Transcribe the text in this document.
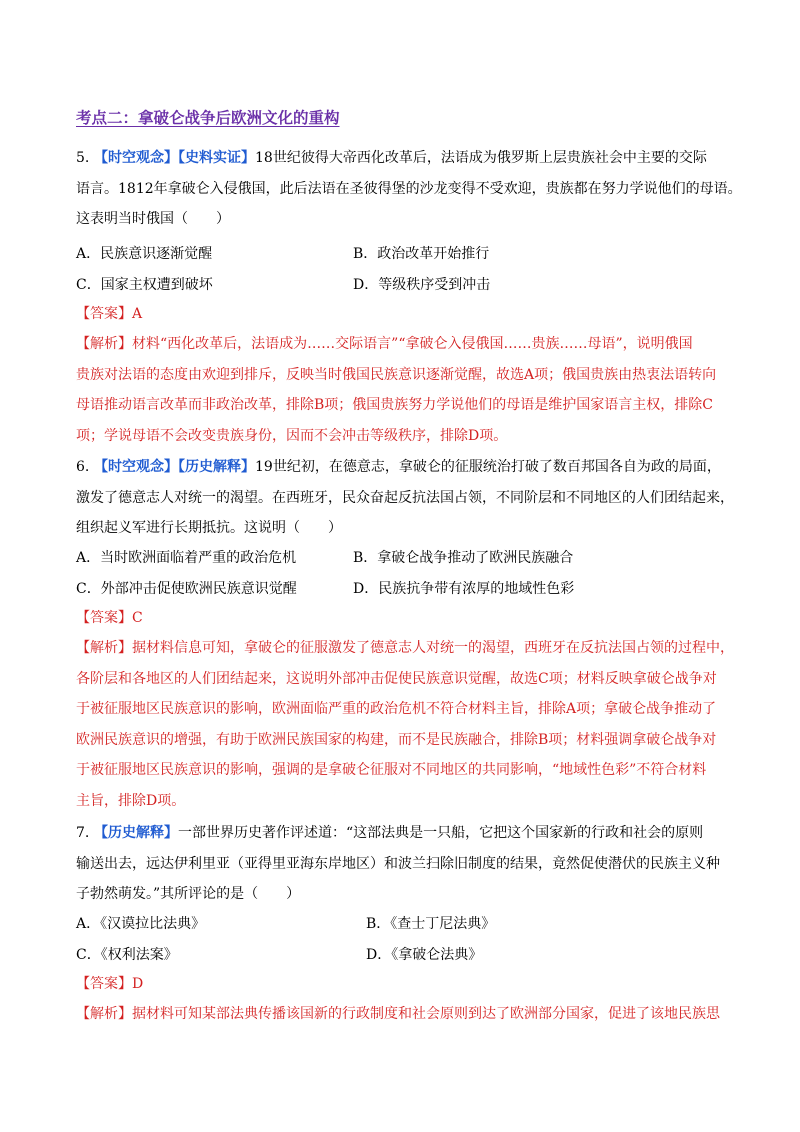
考点二：拿破仑战争后欧洲文化的重构
5. 【时空观念】【史料实证】18世纪彼得大帝西化改革后，法语成为俄罗斯上层贵族社会中主要的交际
语言。1812年拿破仑入侵俄国，此后法语在圣彼得堡的沙龙变得不受欢迎，贵族都在努力学说他们的母语。
这表明当时俄国（　　）
A．民族意识逐渐觉醒	B．政治改革开始推行
C．国家主权遭到破坏	D．等级秩序受到冲击
【答案】A
【解析】材料“西化改革后，法语成为……交际语言”“拿破仑入侵俄国……贵族……母语”，说明俄国
贵族对法语的态度由欢迎到排斥，反映当时俄国民族意识逐渐觉醒，故选A项；俄国贵族由热衷法语转向
母语推动语言改革而非政治改革，排除B项；俄国贵族努力学说他们的母语是维护国家语言主权，排除C
项；学说母语不会改变贵族身份，因而不会冲击等级秩序，排除D项。
6. 【时空观念】【历史解释】19世纪初，在德意志，拿破仑的征服统治打破了数百邦国各自为政的局面，
激发了德意志人对统一的渴望。在西班牙，民众奋起反抗法国占领，不同阶层和不同地区的人们团结起来，
组织起义军进行长期抵抗。这说明（　　）
A．当时欧洲面临着严重的政治危机	B．拿破仑战争推动了欧洲民族融合
C．外部冲击促使欧洲民族意识觉醒	D．民族抗争带有浓厚的地域性色彩
【答案】C
【解析】据材料信息可知，拿破仑的征服激发了德意志人对统一的渴望，西班牙在反抗法国占领的过程中，
各阶层和各地区的人们团结起来，这说明外部冲击促使民族意识觉醒，故选C项；材料反映拿破仑战争对
于被征服地区民族意识的影响，欧洲面临严重的政治危机不符合材料主旨，排除A项；拿破仑战争推动了
欧洲民族意识的增强，有助于欧洲民族国家的构建，而不是民族融合，排除B项；材料强调拿破仑战争对
于被征服地区民族意识的影响，强调的是拿破仑征服对不同地区的共同影响，“地域性色彩”不符合材料
主旨，排除D项。
7. 【历史解释】一部世界历史著作评述道：“这部法典是一只船，它把这个国家新的行政和社会的原则
输送出去，远达伊利里亚（亚得里亚海东岸地区）和波兰扫除旧制度的结果，竟然促使潜伏的民族主义种
子勃然萌发。”其所评论的是（　　）
A．《汉谟拉比法典》	B．《查士丁尼法典》
C．《权利法案》	D．《拿破仑法典》
【答案】D
【解析】据材料可知某部法典传播该国新的行政制度和社会原则到达了欧洲部分国家，促进了该地民族思
